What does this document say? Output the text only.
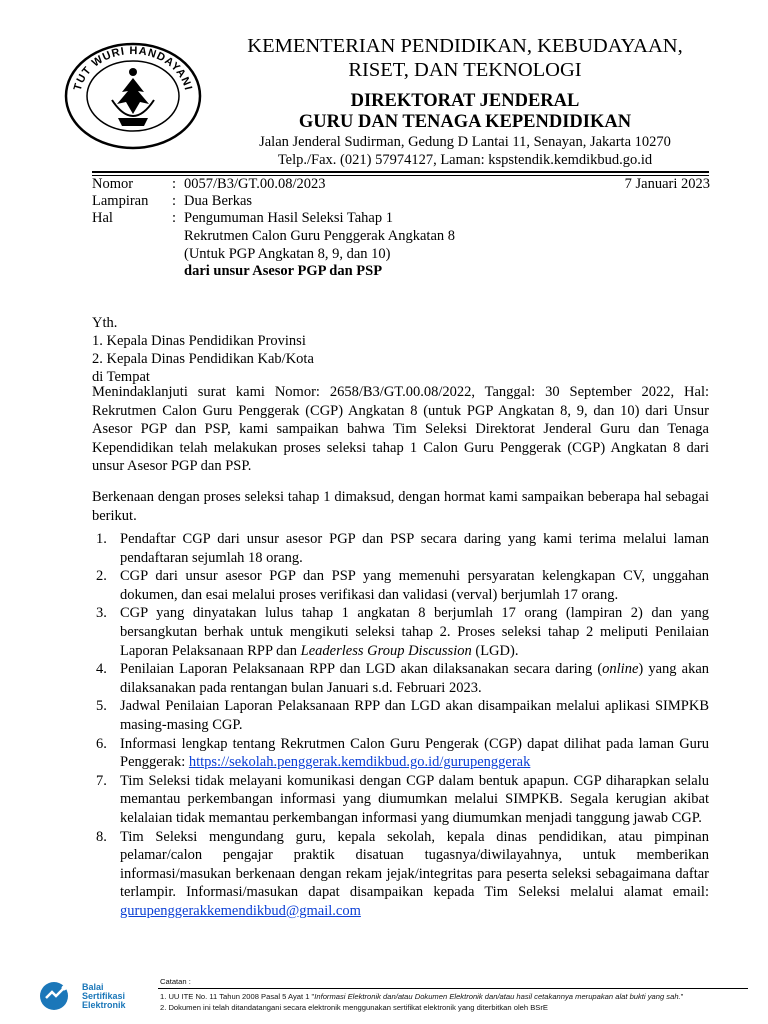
TUT WURI HANDAYANI
KEMENTERIAN PENDIDIKAN, KEBUDAYAAN,
RISET, DAN TEKNOLOGI
DIREKTORAT JENDERAL
GURU DAN TENAGA KEPENDIDIKAN
Jalan Jenderal Sudirman, Gedung D Lantai 11, Senayan, Jakarta 10270
Telp./Fax. (021) 57974127, Laman: kspstendik.kemdikbud.go.id
Nomor	: 0057/B3/GT.00.08/2023	7 Januari 2023
Lampiran	: Dua Berkas
Hal	: Pengumuman Hasil Seleksi Tahap 1
Rekrutmen Calon Guru Penggerak Angkatan 8
(Untuk PGP Angkatan 8, 9, dan 10)
dari unsur Asesor PGP dan PSP
Yth.
1. Kepala Dinas Pendidikan Provinsi
2. Kepala Dinas Pendidikan Kab/Kota
di Tempat
Menindaklanjuti surat kami Nomor: 2658/B3/GT.00.08/2022, Tanggal: 30 September 2022, Hal: Rekrutmen Calon Guru Penggerak (CGP) Angkatan 8 (untuk PGP Angkatan 8, 9, dan 10) dari Unsur Asesor PGP dan PSP, kami sampaikan bahwa Tim Seleksi Direktorat Jenderal Guru dan Tenaga Kependidikan telah melakukan proses seleksi tahap 1 Calon Guru Penggerak (CGP) Angkatan 8 dari unsur Asesor PGP dan PSP.
Berkenaan dengan proses seleksi tahap 1 dimaksud, dengan hormat kami sampaikan beberapa hal sebagai berikut.
1. Pendaftar CGP dari unsur asesor PGP dan PSP secara daring yang kami terima melalui laman pendaftaran sejumlah 18 orang.
2. CGP dari unsur asesor PGP dan PSP yang memenuhi persyaratan kelengkapan CV, unggahan dokumen, dan esai melalui proses verifikasi dan validasi (verval) berjumlah 17 orang.
3. CGP yang dinyatakan lulus tahap 1 angkatan 8 berjumlah 17 orang (lampiran 2) dan yang bersangkutan berhak untuk mengikuti seleksi tahap 2. Proses seleksi tahap 2 meliputi Penilaian Laporan Pelaksanaan RPP dan Leaderless Group Discussion (LGD).
4. Penilaian Laporan Pelaksanaan RPP dan LGD akan dilaksanakan secara daring (online) yang akan dilaksanakan pada rentangan bulan Januari s.d. Februari 2023.
5. Jadwal Penilaian Laporan Pelaksanaan RPP dan LGD akan disampaikan melalui aplikasi SIMPKB masing-masing CGP.
6. Informasi lengkap tentang Rekrutmen Calon Guru Pengerak (CGP) dapat dilihat pada laman Guru Penggerak: https://sekolah.penggerak.kemdikbud.go.id/gurupenggerak
7. Tim Seleksi tidak melayani komunikasi dengan CGP dalam bentuk apapun. CGP diharapkan selalu memantau perkembangan informasi yang diumumkan melalui SIMPKB. Segala kerugian akibat kelalaian tidak memantau perkembangan informasi yang diumumkan menjadi tanggung jawab CGP.
8. Tim Seleksi mengundang guru, kepala sekolah, kepala dinas pendidikan, atau pimpinan pelamar/calon pengajar praktik disatuan tugasnya/diwilayahnya, untuk memberikan informasi/masukan berkenaan dengan rekam jejak/integritas para peserta seleksi sebagaimana daftar terlampir. Informasi/masukan dapat disampaikan kepada Tim Seleksi melalui alamat email: gurupenggerakkemendikbud@gmail.com
Balai
Sertifikasi
Elektronik
Catatan :
1. UU ITE No. 11 Tahun 2008 Pasal 5 Ayat 1 "Informasi Elektronik dan/atau Dokumen Elektronik dan/atau hasil cetakannya merupakan alat bukti yang sah."
2. Dokumen ini telah ditandatangani secara elektronik menggunakan sertifikat elektronik yang diterbitkan oleh BSrE
